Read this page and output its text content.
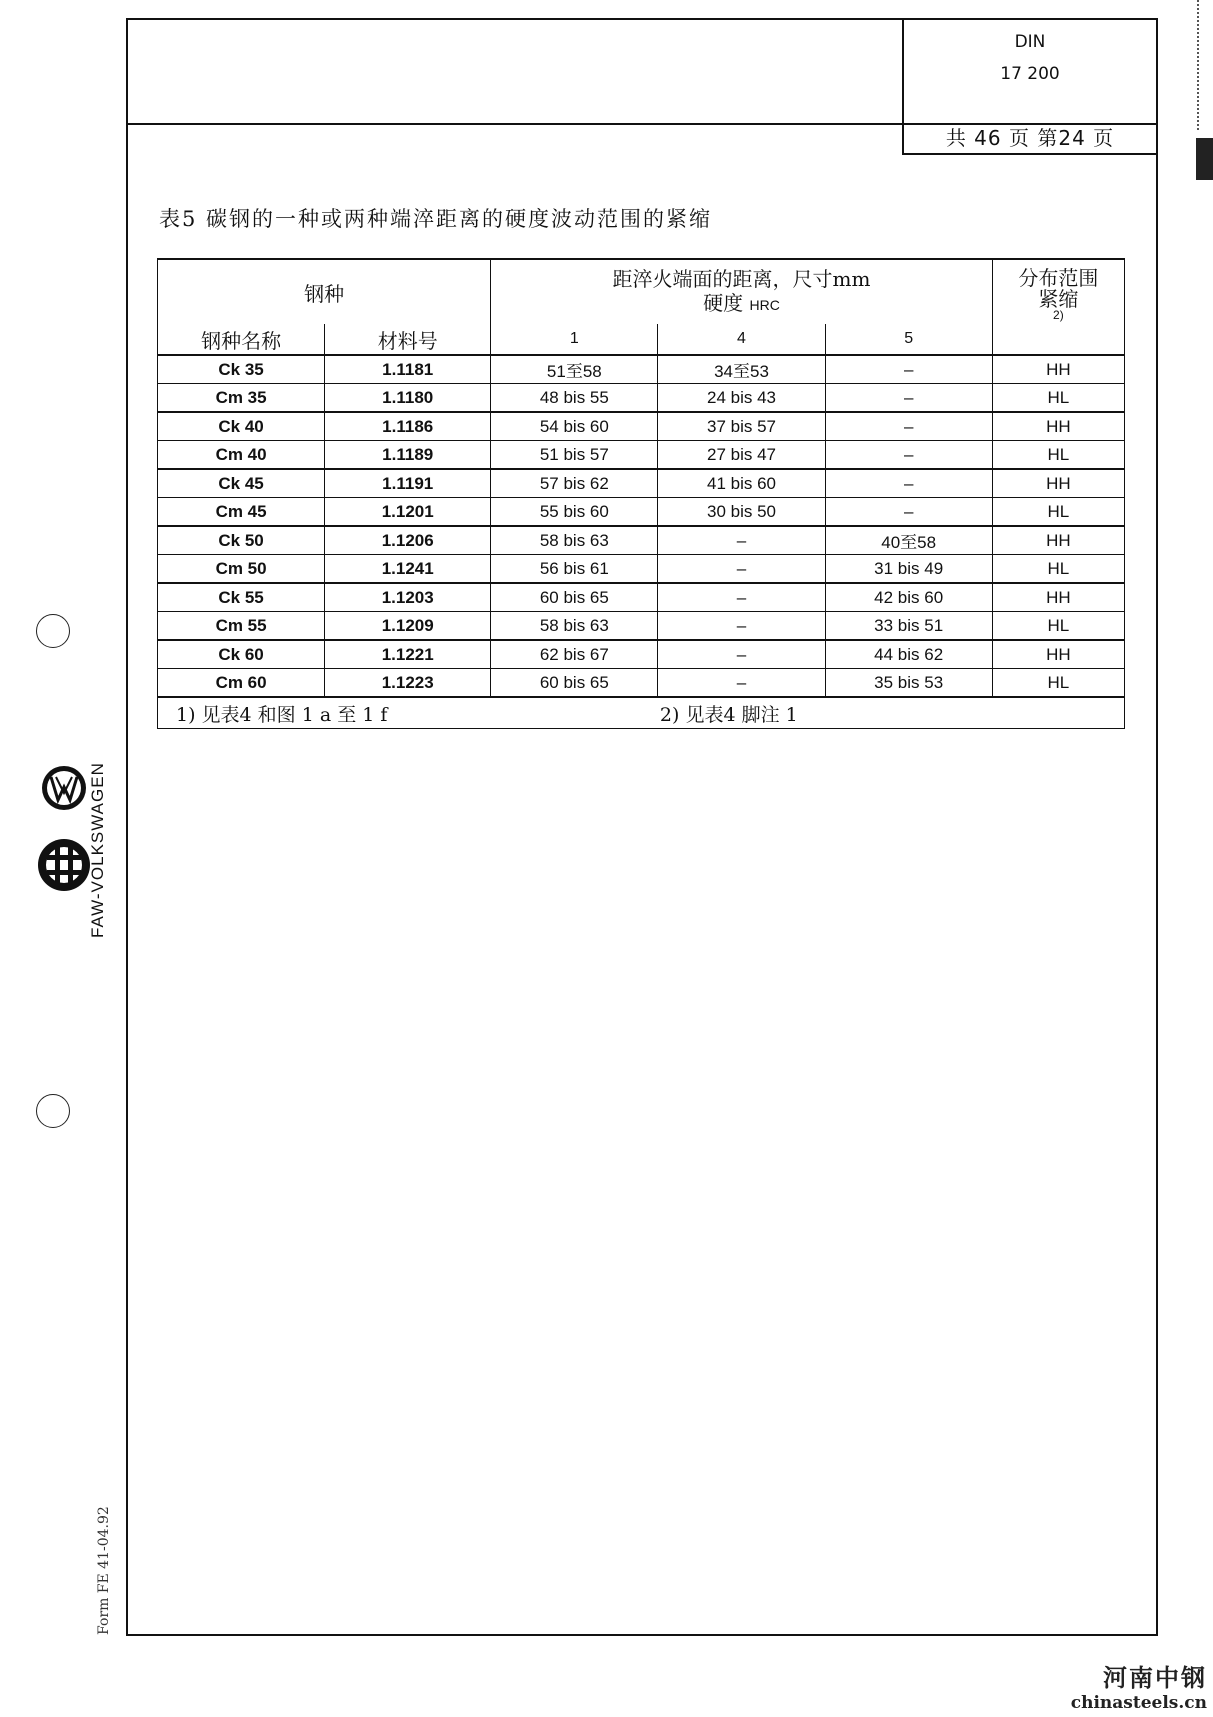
DIN
17 200
共 46 页 第24 页
表5 碳钢的一种或两种端淬距离的硬度波动范围的紧缩
钢种		距淬火端面的距离，尺寸mm
硬度 HRC			分布范围
紧缩
2)

钢种名称	材料号	1	4	5	
Ck 35	1.1181	51至58	34至53	–	HH
Cm 35	1.1180	48 bis 55	24 bis 43	–	HL
Ck 40	1.1186	54 bis 60	37 bis 57	–	HH
Cm 40	1.1189	51 bis 57	27 bis 47	–	HL
Ck 45	1.1191	57 bis 62	41 bis 60	–	HH
Cm 45	1.1201	55 bis 60	30 bis 50	–	HL
Ck 50	1.1206	58 bis 63	–	40至58	HH
Cm 50	1.1241	56 bis 61	–	31 bis 49	HL
Ck 55	1.1203	60 bis 65	–	42 bis 60	HH
Cm 55	1.1209	58 bis 63	–	33 bis 51	HL
Ck 60	1.1221	62 bis 67	–	44 bis 62	HH
Cm 60	1.1223	60 bis 65	–	35 bis 53	HL
1) 见表4 和图 1 a 至 1 f			2) 见表4 脚注 1		
FAW-VOLKSWAGEN
Form FE 41-04.92
河南中钢
chinasteels.cn
